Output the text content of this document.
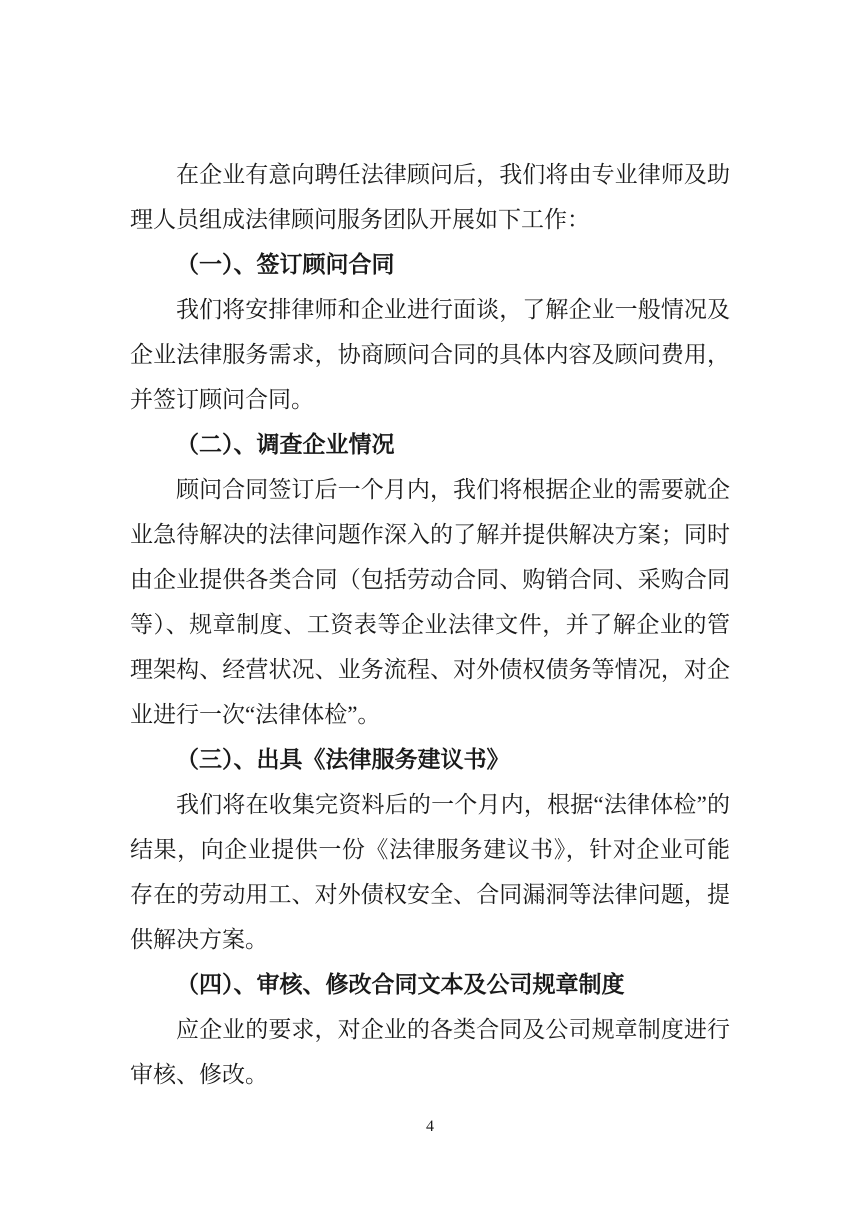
在企业有意向聘任法律顾问后，我们将由专业律师及助理人员组成法律顾问服务团队开展如下工作：

（一）、签订顾问合同

我们将安排律师和企业进行面谈，了解企业一般情况及企业法律服务需求，协商顾问合同的具体内容及顾问费用，并签订顾问合同。

（二）、调查企业情况

顾问合同签订后一个月内，我们将根据企业的需要就企业急待解决的法律问题作深入的了解并提供解决方案；同时由企业提供各类合同（包括劳动合同、购销合同、采购合同等）、规章制度、工资表等企业法律文件，并了解企业的管理架构、经营状况、业务流程、对外债权债务等情况，对企业进行一次“法律体检”。

（三）、出具《法律服务建议书》

我们将在收集完资料后的一个月内，根据“法律体检”的结果，向企业提供一份《法律服务建议书》，针对企业可能存在的劳动用工、对外债权安全、合同漏洞等法律问题，提供解决方案。

（四）、审核、修改合同文本及公司规章制度

应企业的要求，对企业的各类合同及公司规章制度进行审核、修改。

4
